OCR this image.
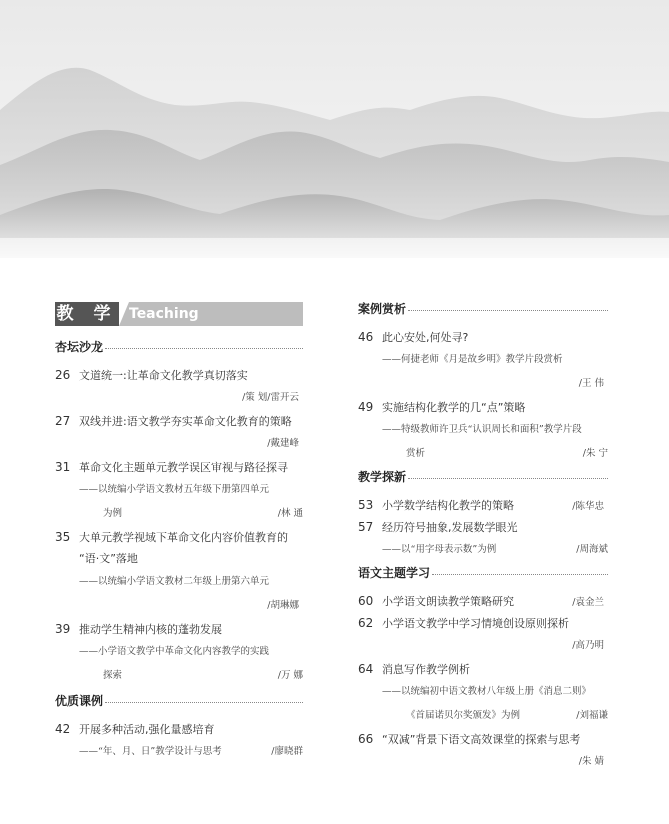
教 学 Teaching
杏坛沙龙
26 文道统一:让革命文化教学真切落实
/策 划/雷开云
27 双线并进:语文教学夯实革命文化教育的策略
/戴建峰
31 革命文化主题单元教学误区审视与路径探寻
——以统编小学语文教材五年级下册第四单元
为例	/林 通
35 大单元教学视域下革命文化内容价值教育的
“语·文”落地
——以统编小学语文教材二年级上册第六单元
/胡琳娜
39 推动学生精神内核的蓬勃发展
——小学语文教学中革命文化内容教学的实践
探索	/万 娜
优质课例
42 开展多种活动,强化量感培育
——“年、月、日”教学设计与思考	/廖晓群
案例赏析
46 此心安处,何处寻?
——何捷老师《月是故乡明》教学片段赏析
/王 伟
49 实施结构化教学的几“点”策略
——特级教师许卫兵“认识周长和面积”教学片段
赏析	/朱 宁
教学探新
53 小学数学结构化教学的策略	/陈华忠
57 经历符号抽象,发展数学眼光
——以“用字母表示数”为例	/周海斌
语文主题学习
60 小学语文朗读教学策略研究	/袁金兰
62 小学语文教学中学习情境创设原则探析
/高乃明
64 消息写作教学例析
——以统编初中语文教材八年级上册《消息二则》
《首届诺贝尔奖颁发》为例	/刘福谦
66 “双减”背景下语文高效课堂的探索与思考
/朱 婧
